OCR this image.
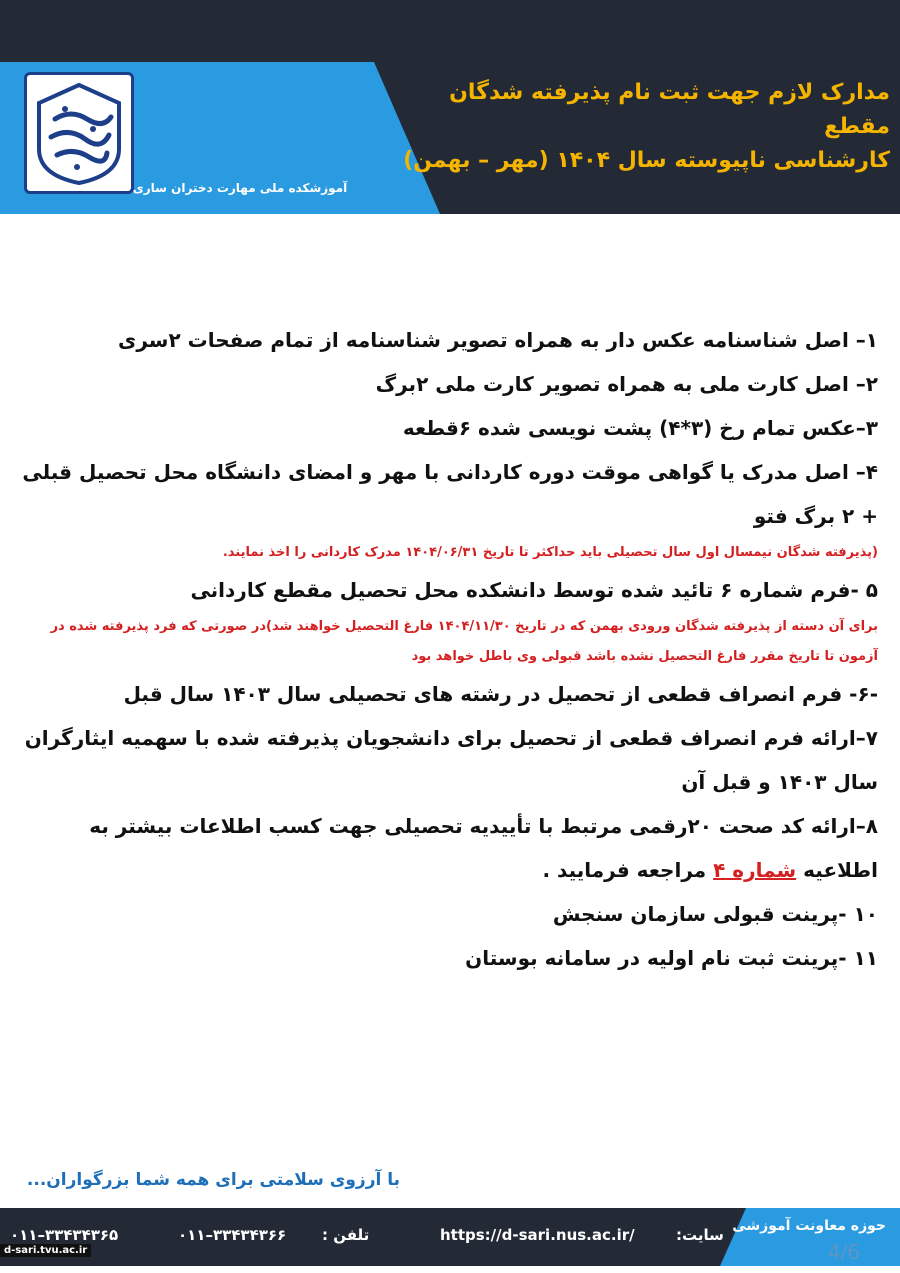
آموزشکده ملی مهارت دختران ساری
مدارک لازم جهت ثبت نام پذیرفته شدگان مقطع
کارشناسی ناپیوسته سال ۱۴۰۴ (مهر – بهمن)

۱– اصل شناسنامه عکس دار به همراه تصویر شناسنامه از تمام صفحات ۲سری

۲– اصل کارت ملی به همراه تصویر کارت ملی ۲برگ

۳–عکس تمام رخ (۳*۴) پشت نویسی شده ۶قطعه

۴– اصل مدرک یا گواهی موقت دوره کاردانی با مهر و امضای دانشگاه محل تحصیل قبلی + ۲ برگ فتو

(پذیرفته شدگان نیمسال اول سال تحصیلی باید حداکثر تا تاریخ ۱۴۰۴/۰۶/۳۱ مدرک کاردانی را اخذ نمایند.

۵ -فرم شماره ۶ تائید شده توسط دانشکده محل تحصیل مقطع کاردانی

برای آن دسته از پذیرفته شدگان ورودی بهمن که در تاریخ ۱۴۰۴/۱۱/۳۰ فارغ التحصیل خواهند شد)در صورتی که فرد پذیرفته شده در آزمون تا تاریخ مقرر فارغ التحصیل نشده باشد قبولی وی باطل خواهد بود

-۶- فرم انصراف قطعی از تحصیل در رشته های تحصیلی سال ۱۴۰۳ سال قبل

۷–ارائه فرم انصراف قطعی از تحصیل برای دانشجویان پذیرفته شده با سهمیه ایثارگران سال ۱۴۰۳ و قبل آن

۸–ارائه کد صحت ۲۰رقمی مرتبط با تأییدیه تحصیلی جهت کسب اطلاعات بیشتر به اطلاعیه شماره ۴ مراجعه فرمایید .

۱۰ -پرینت قبولی سازمان سنجش

۱۱ -پرینت ثبت نام اولیه در سامانه بوستان

با آرزوی سلامتی برای همه شما بزرگواران...
حوزه معاونت آموزشی
4/6
سایت:
https://d-sari.nus.ac.ir/
تلفن :
۰۱۱–۳۳۴۳۴۳۶۶
۰۱۱–۳۳۴۳۴۳۶۵
d-sari.tvu.ac.ir
